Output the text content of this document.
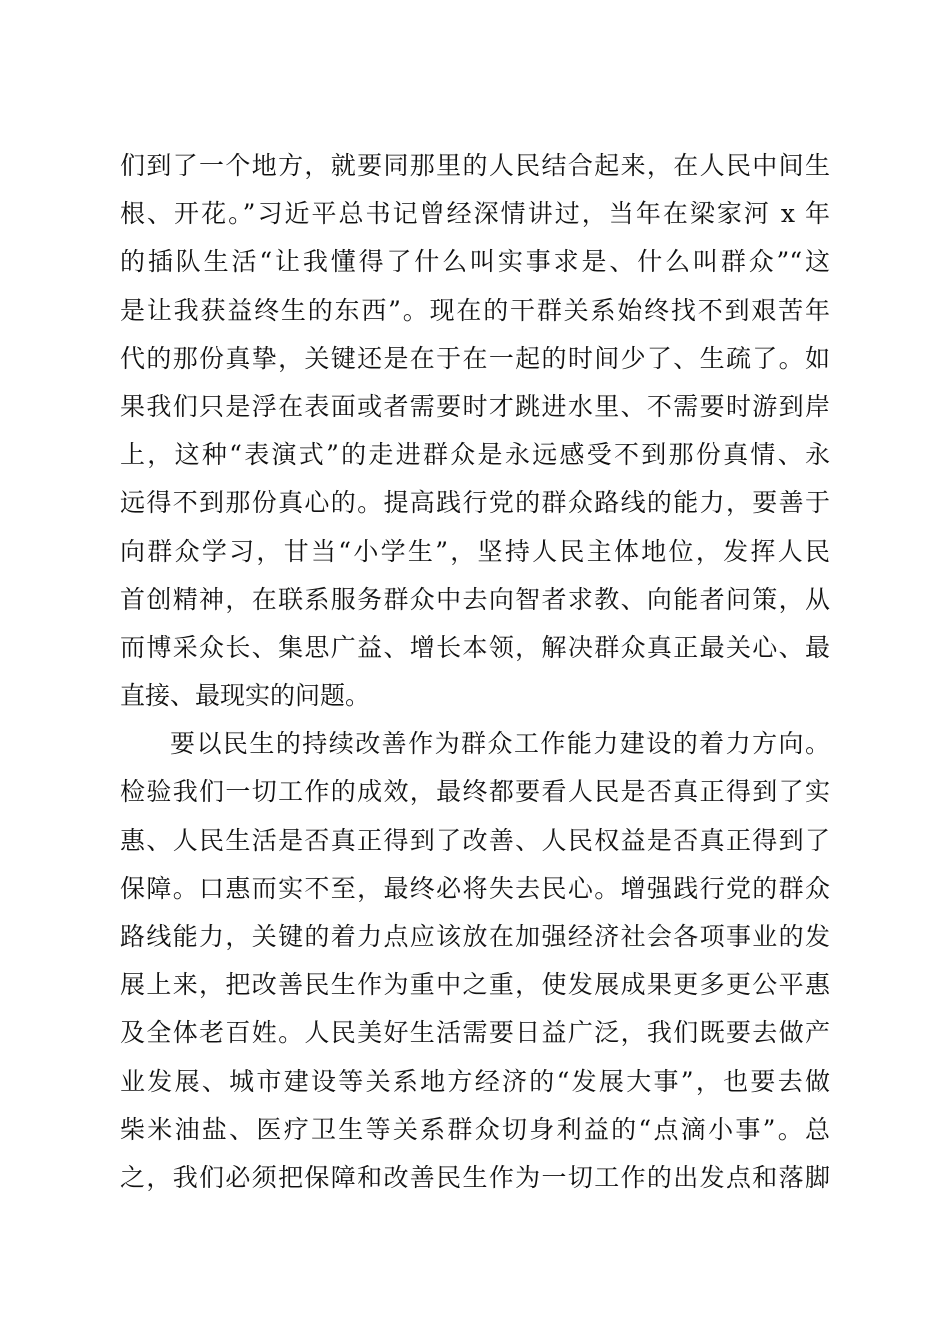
们到了一个地方，就要同那里的人民结合起来，在人民中间生
根、开花。”习近平总书记曾经深情讲过，当年在梁家河 x 年
的插队生活“让我懂得了什么叫实事求是、什么叫群众”“这
是让我获益终生的东西”。现在的干群关系始终找不到艰苦年
代的那份真挚，关键还是在于在一起的时间少了、生疏了。如
果我们只是浮在表面或者需要时才跳进水里、不需要时游到岸
上，这种“表演式”的走进群众是永远感受不到那份真情、永
远得不到那份真心的。提高践行党的群众路线的能力，要善于
向群众学习，甘当“小学生”，坚持人民主体地位，发挥人民
首创精神，在联系服务群众中去向智者求教、向能者问策，从
而博采众长、集思广益、增长本领，解决群众真正最关心、最
直接、最现实的问题。
要以民生的持续改善作为群众工作能力建设的着力方向。
检验我们一切工作的成效，最终都要看人民是否真正得到了实
惠、人民生活是否真正得到了改善、人民权益是否真正得到了
保障。口惠而实不至，最终必将失去民心。增强践行党的群众
路线能力，关键的着力点应该放在加强经济社会各项事业的发
展上来，把改善民生作为重中之重，使发展成果更多更公平惠
及全体老百姓。人民美好生活需要日益广泛，我们既要去做产
业发展、城市建设等关系地方经济的“发展大事”，也要去做
柴米油盐、医疗卫生等关系群众切身利益的“点滴小事”。总
之，我们必须把保障和改善民生作为一切工作的出发点和落脚
